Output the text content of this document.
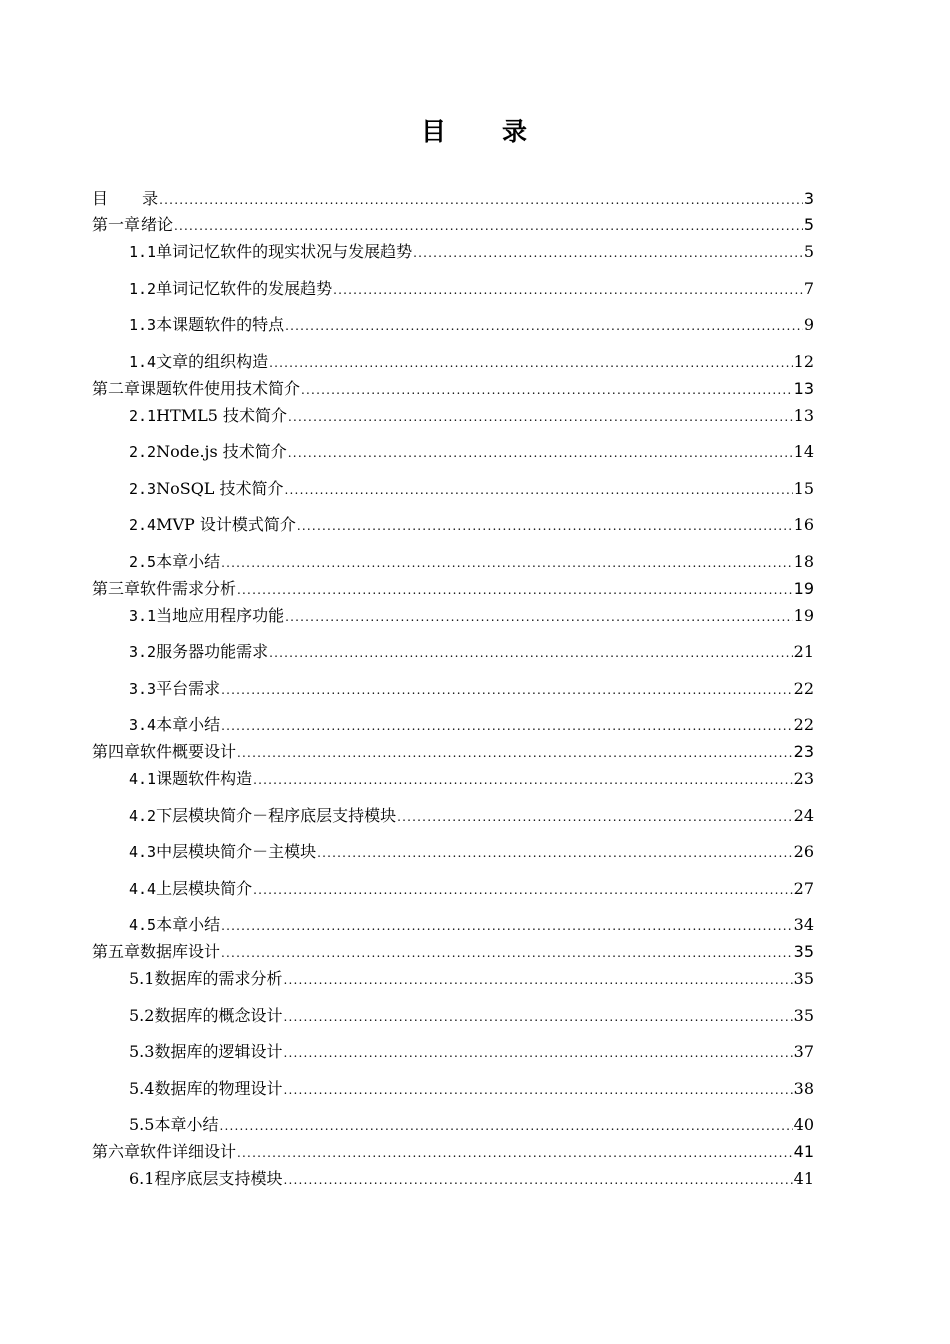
目　　录
目	录 .....	3
第一章 绪论 .....	5
1.1 单词记忆软件的现实状况与发展趋势 .....	5
1.2 单词记忆软件的发展趋势 .....	7
1.3 本课题软件的特点 .....	9
1.4 文章的组织构造 .....	12
第二章 课题软件使用技术简介 .....	13
2.1 HTML5 技术简介 .....	13
2.2 Node.js 技术简介 .....	14
2.3 NoSQL 技术简介 .....	15
2.4 MVP 设计模式简介 .....	16
2.5 本章小结 .....	18
第三章 软件需求分析 .....	19
3.1 当地应用程序功能 .....	19
3.2 服务器功能需求 .....	21
3.3 平台需求 .....	22
3.4 本章小结 .....	22
第四章 软件概要设计 .....	23
4.1 课题软件构造 .....	23
4.2 下层模块简介－程序底层支持模块 .....	24
4.3 中层模块简介－主模块 .....	26
4.4 上层模块简介 .....	27
4.5 本章小结 .....	34
第五章 数据库设计 .....	35
5.1 数据库的需求分析 .....	35
5.2 数据库的概念设计 .....	35
5.3 数据库的逻辑设计 .....	37
5.4 数据库的物理设计 .....	38
5.5 本章小结 .....	40
第六章 软件详细设计 .....	41
6.1 程序底层支持模块 .....	41
